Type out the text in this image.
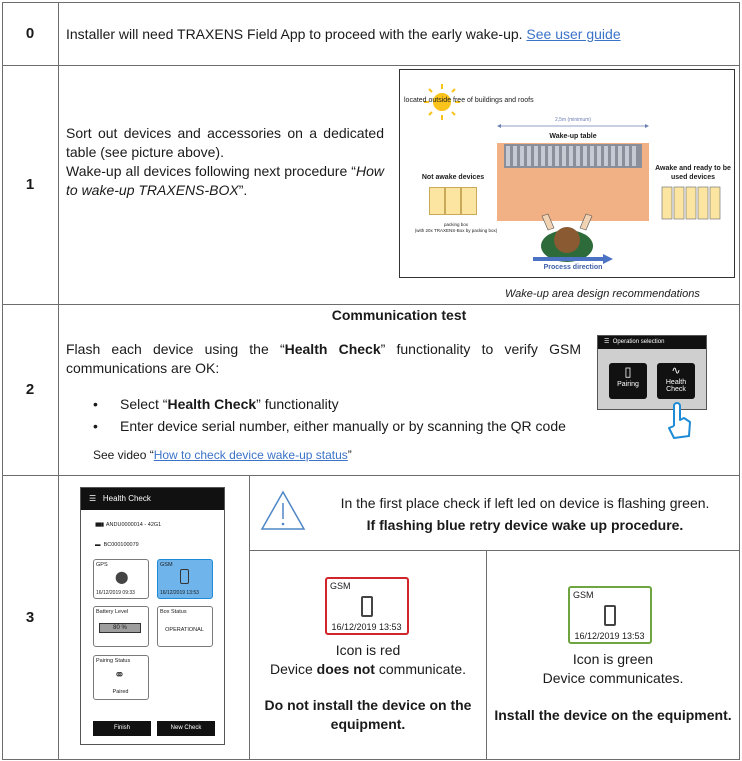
0
1
2
3
Installer will need TRAXENS Field App to proceed with the early wake-up. See user guide
Sort out devices and accessories on a dedicated table (see picture above).
Wake-up all devices following next procedure “How to wake-up TRAXENS-BOX”.
located outside free of buildings and roofs
2,5m (minimum)
Wake-up table
Not awake devices
packing box
(with 20x TRAXENS-Box by packing box)
Awake and ready to be
used devices
Process direction
Wake-up area design recommendations
Communication test
Flash each device using the “Health Check” functionality to verify GSM communications are OK:
• Select “Health Check” functionality
• Enter device serial number, either manually or by scanning the QR code
See video “How to check device wake-up status”
☰ Operation selection
▯
Pairing
∿
Health
Check
☰ Health Check
▮▮▮▮ ANDU0000014 - 42G1
▬ BC000100079
GPS
⬤
16/12/2019 09:33
GSM
16/12/2019 13:53
Battery Level
80 %
Box Status
OPERATIONAL
Pairing Status
⚭
Paired
Finish	New Check
In the first place check if left led on device is flashing green.
If flashing blue retry device wake up procedure.
GSM
16/12/2019 13:53
Icon is red
Device does not communicate.
Do not install the device on the equipment.
GSM
16/12/2019 13:53
Icon is green
Device communicates.
Install the device on the equipment.
